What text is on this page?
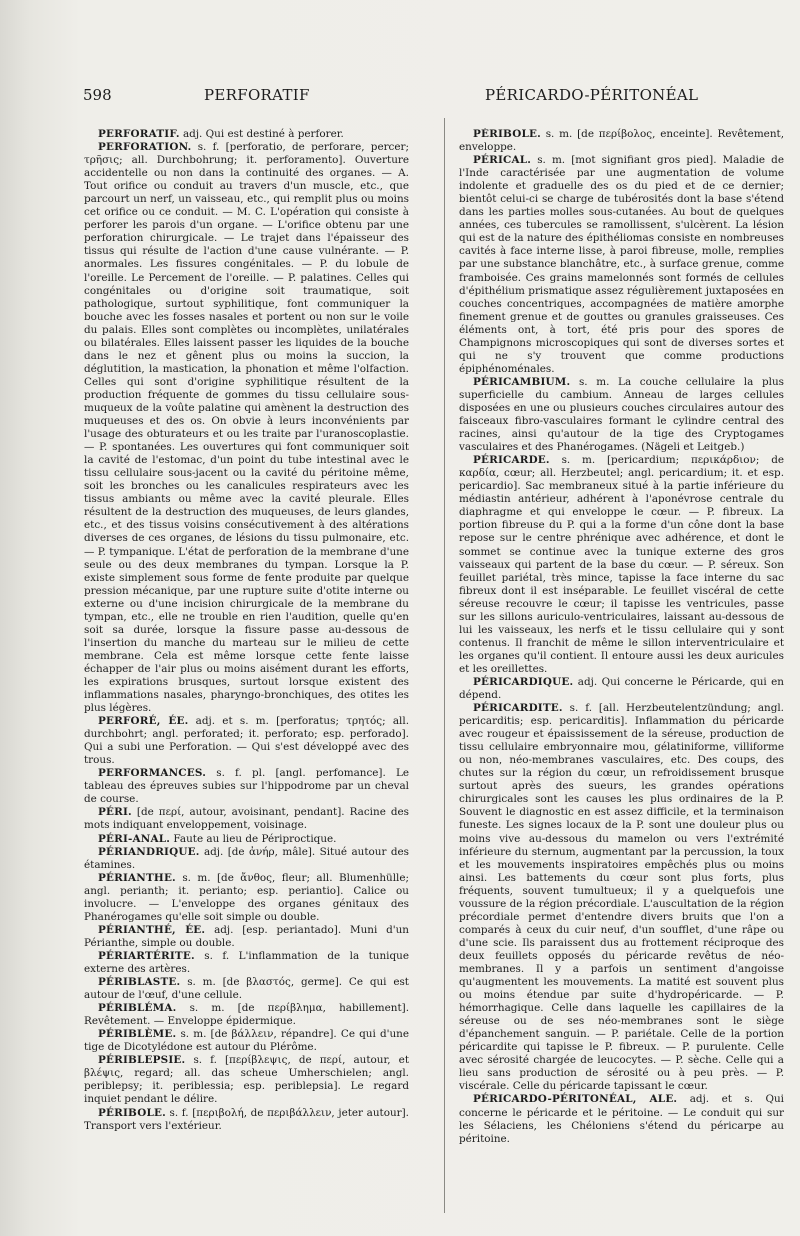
598	PERFORATIF	PÉRICARDO-PÉRITONÉAL

PERFORATIF. adj. Qui est destiné à perforer.

PERFORATION. s. f. [perforatio, de perforare, percer; τρῆσις; all. Durchbohrung; it. perforamento]. Ouverture accidentelle ou non dans la continuité des organes. — A. Tout orifice ou conduit au travers d'un muscle, etc., que parcourt un nerf, un vaisseau, etc., qui remplit plus ou moins cet orifice ou ce conduit. — M. C. L'opération qui consiste à perforer les parois d'un organe. — L'orifice obtenu par une perforation chirurgicale. — Le trajet dans l'épaisseur des tissus qui résulte de l'action d'une cause vulnérante. — P. anormales. Les fissures congénitales. — P. du lobule de l'oreille. Le Percement de l'oreille. — P. palatines. Celles qui congénitales ou d'origine soit traumatique, soit pathologique, surtout syphilitique, font communiquer la bouche avec les fosses nasales et portent ou non sur le voile du palais. Elles sont complètes ou incomplètes, unilatérales ou bilatérales. Elles laissent passer les liquides de la bouche dans le nez et gênent plus ou moins la succion, la déglutition, la mastication, la phonation et même l'olfaction. Celles qui sont d'origine syphilitique résultent de la production fréquente de gommes du tissu cellulaire sous-muqueux de la voûte palatine qui amènent la destruction des muqueuses et des os. On obvie à leurs inconvénients par l'usage des obturateurs et ou les traite par l'uranoscoplastie. — P. spontanées. Les ouvertures qui font communiquer soit la cavité de l'estomac, d'un point du tube intestinal avec le tissu cellulaire sous-jacent ou la cavité du péritoine même, soit les bronches ou les canalicules respirateurs avec les tissus ambiants ou même avec la cavité pleurale. Elles résultent de la destruction des muqueuses, de leurs glandes, etc., et des tissus voisins consécutivement à des altérations diverses de ces organes, de lésions du tissu pulmonaire, etc. — P. tympanique. L'état de perforation de la membrane d'une seule ou des deux membranes du tympan. Lorsque la P. existe simplement sous forme de fente produite par quelque pression mécanique, par une rupture suite d'otite interne ou externe ou d'une incision chirurgicale de la membrane du tympan, etc., elle ne trouble en rien l'audition, quelle qu'en soit sa durée, lorsque la fissure passe au-dessous de l'insertion du manche du marteau sur le milieu de cette membrane. Cela est même lorsque cette fente laisse échapper de l'air plus ou moins aisément durant les efforts, les expirations brusques, surtout lorsque existent des inflammations nasales, pharyngo-bronchiques, des otites les plus légères.

PERFORÉ, ÉE. adj. et s. m. [perforatus; τρητός; all. durchbohrt; angl. perforated; it. perforato; esp. perforado]. Qui a subi une Perforation. — Qui s'est développé avec des trous.

PERFORMANCES. s. f. pl. [angl. perfomance]. Le tableau des épreuves subies sur l'hippodrome par un cheval de course.

PÉRI. [de περί, autour, avoisinant, pendant]. Racine des mots indiquant enveloppement, voisinage.

PÉRI-ANAL. Faute au lieu de Périproctique.

PÉRIANDRIQUE. adj. [de ἀνήρ, mâle]. Situé autour des étamines.

PÉRIANTHE. s. m. [de ἄνθος, fleur; all. Blumenhülle; angl. perianth; it. perianto; esp. periantio]. Calice ou involucre. — L'enveloppe des organes génitaux des Phanérogames qu'elle soit simple ou double.

PÉRIANTHÉ, ÉE. adj. [esp. periantado]. Muni d'un Périanthe, simple ou double.

PÉRIARTÉRITE. s. f. L'inflammation de la tunique externe des artères.

PÉRIBLASTE. s. m. [de βλαστός, germe]. Ce qui est autour de l'œuf, d'une cellule.

PÉRIBLÉMA. s. m. [de περίβλημα, habillement]. Revêtement. — Enveloppe épidermique.

PÉRIBLÈME. s. m. [de βάλλειν, répandre]. Ce qui d'une tige de Dicotylédone est autour du Plérôme.

PÉRIBLEPSIE. s. f. [περίβλεψις, de περί, autour, et βλέψις, regard; all. das scheue Umherschielen; angl. periblepsy; it. periblessia; esp. periblepsia]. Le regard inquiet pendant le délire.

PÉRIBOLE. s. f. [περιβολή, de περιβάλλειν, jeter autour]. Transport vers l'extérieur.

PÉRIBOLE. s. m. [de περίβολος, enceinte]. Revêtement, enveloppe.

PÉRICAL. s. m. [mot signifiant gros pied]. Maladie de l'Inde caractérisée par une augmentation de volume indolente et graduelle des os du pied et de ce dernier; bientôt celui-ci se charge de tubérosités dont la base s'étend dans les parties molles sous-cutanées. Au bout de quelques années, ces tubercules se ramollissent, s'ulcèrent. La lésion qui est de la nature des épithéliomas consiste en nombreuses cavités à face interne lisse, à paroi fibreuse, molle, remplies par une substance blanchâtre, etc., à surface grenue, comme framboisée. Ces grains mamelonnés sont formés de cellules d'épithélium prismatique assez régulièrement juxtaposées en couches concentriques, accompagnées de matière amorphe finement grenue et de gouttes ou granules graisseuses. Ces éléments ont, à tort, été pris pour des spores de Champignons microscopiques qui sont de diverses sortes et qui ne s'y trouvent que comme productions épiphénoménales.

PÉRICAMBIUM. s. m. La couche cellulaire la plus superficielle du cambium. Anneau de larges cellules disposées en une ou plusieurs couches circulaires autour des faisceaux fibro-vasculaires formant le cylindre central des racines, ainsi qu'autour de la tige des Cryptogames vasculaires et des Phanérogames. (Nägeli et Leitgeb.)

PÉRICARDE. s. m. [pericardium; περικάρδιον; de καρδία, cœur; all. Herzbeutel; angl. pericardium; it. et esp. pericardio]. Sac membraneux situé à la partie inférieure du médiastin antérieur, adhérent à l'aponévrose centrale du diaphragme et qui enveloppe le cœur. — P. fibreux. La portion fibreuse du P. qui a la forme d'un cône dont la base repose sur le centre phrénique avec adhérence, et dont le sommet se continue avec la tunique externe des gros vaisseaux qui partent de la base du cœur. — P. séreux. Son feuillet pariétal, très mince, tapisse la face interne du sac fibreux dont il est inséparable. Le feuillet viscéral de cette séreuse recouvre le cœur; il tapisse les ventricules, passe sur les sillons auriculo-ventriculaires, laissant au-dessous de lui les vaisseaux, les nerfs et le tissu cellulaire qui y sont contenus. Il franchit de même le sillon interventriculaire et les organes qu'il contient. Il entoure aussi les deux auricules et les oreillettes.

PÉRICARDIQUE. adj. Qui concerne le Péricarde, qui en dépend.

PÉRICARDITE. s. f. [all. Herzbeutelentzündung; angl. pericarditis; esp. pericarditis]. Inflammation du péricarde avec rougeur et épaississement de la séreuse, production de tissu cellulaire embryonnaire mou, gélatiniforme, villiforme ou non, néo-membranes vasculaires, etc. Des coups, des chutes sur la région du cœur, un refroidissement brusque surtout après des sueurs, les grandes opérations chirurgicales sont les causes les plus ordinaires de la P. Souvent le diagnostic en est assez difficile, et la terminaison funeste. Les signes locaux de la P. sont une douleur plus ou moins vive au-dessous du mamelon ou vers l'extrémité inférieure du sternum, augmentant par la percussion, la toux et les mouvements inspiratoires empêchés plus ou moins ainsi. Les battements du cœur sont plus forts, plus fréquents, souvent tumultueux; il y a quelquefois une voussure de la région précordiale. L'auscultation de la région précordiale permet d'entendre divers bruits que l'on a comparés à ceux du cuir neuf, d'un soufflet, d'une râpe ou d'une scie. Ils paraissent dus au frottement réciproque des deux feuillets opposés du péricarde revêtus de néo-membranes. Il y a parfois un sentiment d'angoisse qu'augmentent les mouvements. La matité est souvent plus ou moins étendue par suite d'hydropéricarde. — P. hémorrhagique. Celle dans laquelle les capillaires de la séreuse ou de ses néo-membranes sont le siège d'épanchement sanguin. — P. pariétale. Celle de la portion péricardite qui tapisse le P. fibreux. — P. purulente. Celle avec sérosité chargée de leucocytes. — P. sèche. Celle qui a lieu sans production de sérosité ou à peu près. — P. viscérale. Celle du péricarde tapissant le cœur.

PÉRICARDO-PÉRITONÉAL, ALE. adj. et s. Qui concerne le péricarde et le péritoine. — Le conduit qui sur les Sélaciens, les Chéloniens s'étend du péricarpe au péritoine.
